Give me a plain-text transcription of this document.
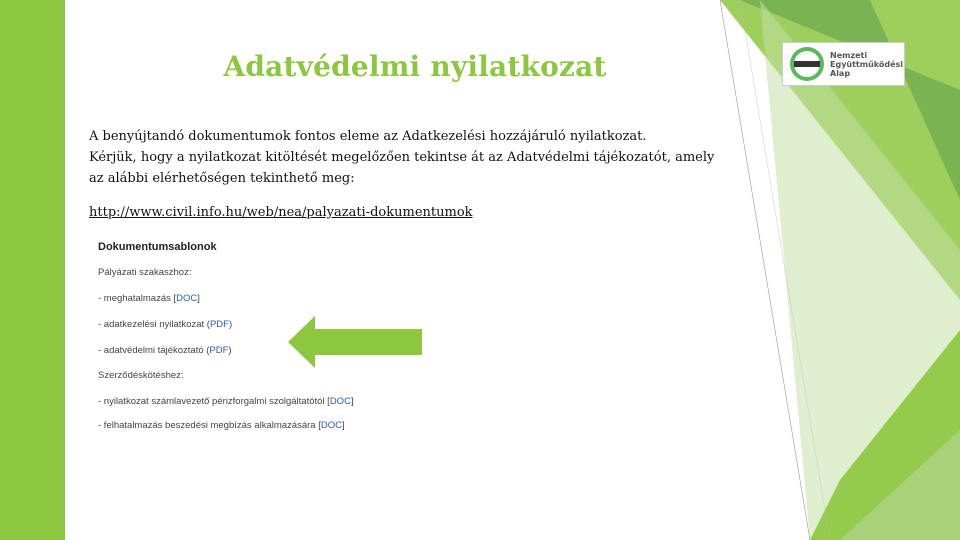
Adatvédelmi nyilatkozat
A benyújtandó dokumentumok fontos eleme az Adatkezelési hozzájáruló nyilatkozat.
Kérjük, hogy a nyilatkozat kitöltését megelőzően tekintse át az Adatvédelmi tájékozatót, amely
az alábbi elérhetőségen tekinthető meg:
http://www.civil.info.hu/web/nea/palyazati-dokumentumok
Nemzeti
Együttműködési
Alap
Dokumentumsablonok
Pályázati szakaszhoz:
- meghatalmazás [DOC]
- adatkezelési nyilatkozat (PDF)
- adatvédelmi tájékoztató (PDF)
Szerződéskötéshez:
- nyilatkozat számlavezető pénzforgalmi szolgáltatótól [DOC]
- felhatalmazás beszedési megbízás alkalmazására [DOC]
